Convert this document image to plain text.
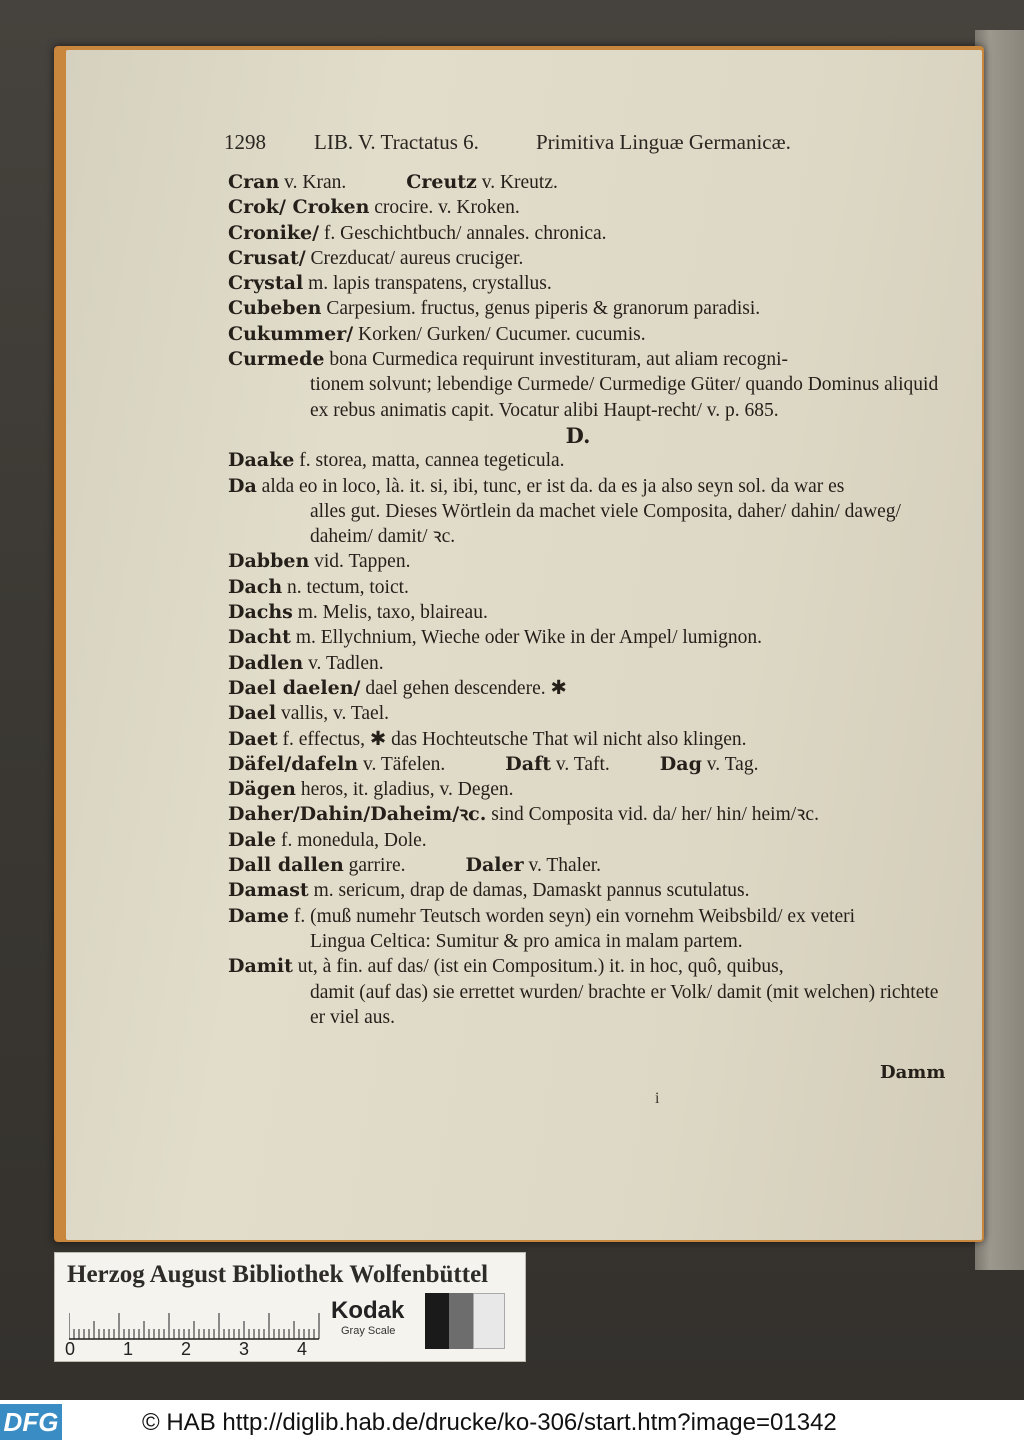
1298 LIB. V. Tractatus 6.	Primitiva Linguæ Germanicæ.
Cran v. Kran.	Creutz v. Kreutz.
Crok/ Croken crocire. v. Kroken.
Cronike/ f. Geschichtbuch/ annales. chronica.
Crusat/ Crezducat/ aureus cruciger.
Crystal m. lapis transpatens, crystallus.
Cubeben Carpesium. fructus, genus piperis & granorum paradisi.
Cukummer/ Korken/ Gurken/ Cucumer. cucumis.
Curmede bona Curmedica requirunt investituram, aut aliam recogni-
tionem solvunt; lebendige Curmede/ Curmedige Güter/ quando Dominus aliquid ex rebus animatis capit. Vocatur alibi Haupt-recht/ v. p. 685.
D.
Daake f. storea, matta, cannea tegeticula.
Da alda eo in loco, là. it. si, ibi, tunc, er ist da. da es ja also seyn sol. da war es
alles gut. Dieses Wörtlein da machet viele Composita, daher/ dahin/ daweg/ daheim/ damit/ ꝛc.
Dabben vid. Tappen.
Dach n. tectum, toict.
Dachs m. Melis, taxo, blaireau.
Dacht m. Ellychnium, Wieche oder Wike in der Ampel/ lumignon.
Dadlen v. Tadlen.
Dael daelen/ dael gehen descendere. ✱
Dael vallis, v. Tael.
Daet f. effectus, ✱ das Hochteutsche That wil nicht also klingen.
Däfel/dafeln v. Täfelen.	Daft v. Taft.	Dag v. Tag.
Dägen heros, it. gladius, v. Degen.
Daher/Dahin/Daheim/ꝛc. sind Composita vid. da/ her/ hin/ heim/ꝛc.
Dale f. monedula, Dole.
Dall dallen garrire.	Daler v. Thaler.
Damast m. sericum, drap de damas, Damaskt pannus scutulatus.
Dame f. (muß numehr Teutsch worden seyn) ein vornehm Weibsbild/ ex veteri
Lingua Celtica: Sumitur & pro amica in malam partem.
Damit ut, à fin. auf das/ (ist ein Compositum.) it. in hoc, quô, quibus,
damit (auf das) sie errettet wurden/ brachte er Volk/ damit (mit welchen) richtete er viel aus.
Damm
i
Herzog August Bibliothek Wolfenbüttel
0	1	2	3	4
Kodak
Gray Scale
DFG	© HAB http://diglib.hab.de/drucke/ko-306/start.htm?image=01342
